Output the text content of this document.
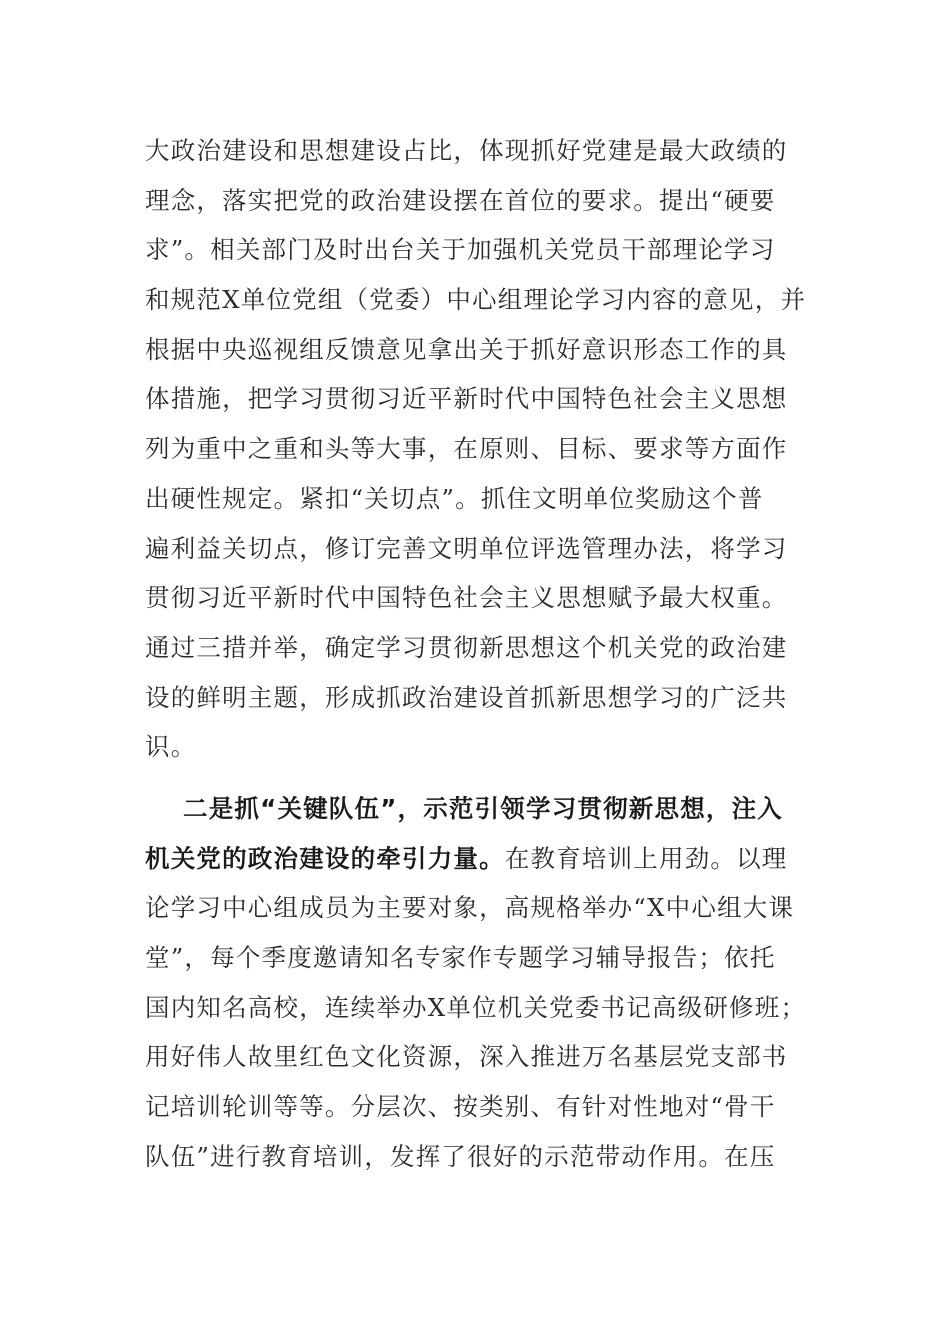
大政治建设和思想建设占比，体现抓好党建是最大政绩的
理念，落实把党的政治建设摆在首位的要求。提出“硬要
求”。相关部门及时出台关于加强机关党员干部理论学习
和规范X单位党组（党委）中心组理论学习内容的意见，并
根据中央巡视组反馈意见拿出关于抓好意识形态工作的具
体措施，把学习贯彻习近平新时代中国特色社会主义思想
列为重中之重和头等大事，在原则、目标、要求等方面作
出硬性规定。紧扣“关切点”。抓住文明单位奖励这个普
遍利益关切点，修订完善文明单位评选管理办法，将学习
贯彻习近平新时代中国特色社会主义思想赋予最大权重。
通过三措并举，确定学习贯彻新思想这个机关党的政治建
设的鲜明主题，形成抓政治建设首抓新思想学习的广泛共
识。
二是抓“关键队伍”，示范引领学习贯彻新思想，注入
机关党的政治建设的牵引力量。在教育培训上用劲。以理
论学习中心组成员为主要对象，高规格举办“X中心组大课
堂”，每个季度邀请知名专家作专题学习辅导报告；依托
国内知名高校，连续举办X单位机关党委书记高级研修班；
用好伟人故里红色文化资源，深入推进万名基层党支部书
记培训轮训等等。分层次、按类别、有针对性地对“骨干
队伍”进行教育培训，发挥了很好的示范带动作用。在压
